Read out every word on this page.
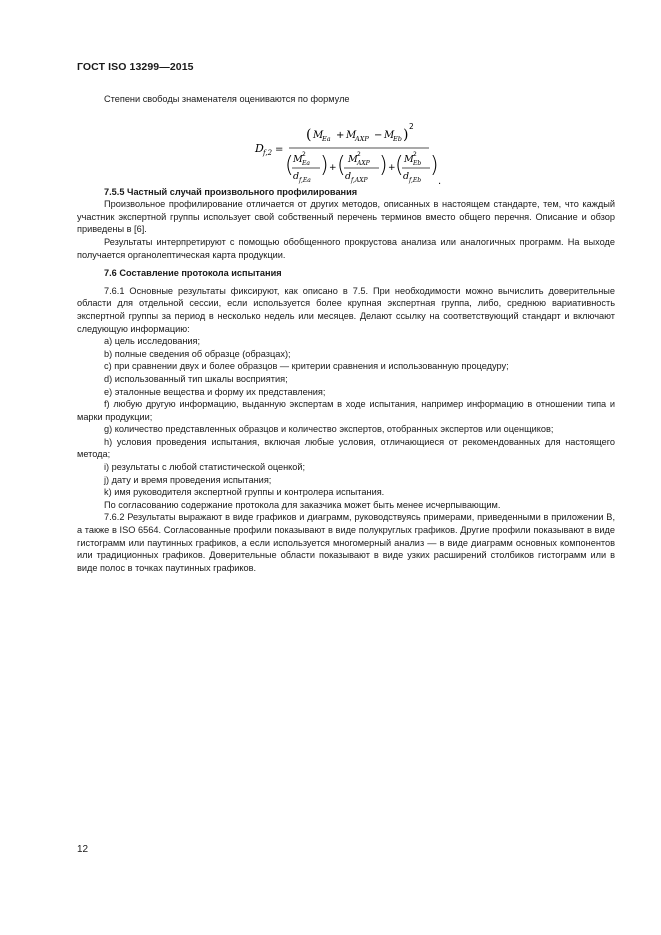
ГОСТ ISO 13299—2015

Степени свободы знаменателя оцениваются по формуле

D f,2 =
( M
Ea + M
AXP − M
Eb )
2
( M 2
Ea
d f,Ea
) + ( M 2
AXP
d f,AXP
) + ( M 2
Eb
d f,Eb
)
.

7.5.5 Частный случай произвольного профилирования

Произвольное профилирование отличается от других методов, описанных в настоящем стандарте, тем, что каждый участник экспертной группы использует свой собственный перечень терминов вместо общего перечня. Описание и обзор приведены в [6].

Результаты интерпретируют с помощью обобщенного прокрустова анализа или аналогичных программ. На выходе получается органолептическая карта продукции.

7.6 Составление протокола испытания

7.6.1 Основные результаты фиксируют, как описано в 7.5. При необходимости можно вычислить доверительные области для отдельной сессии, если используется более крупная экспертная группа, либо, среднюю вариативность экспертной группы за период в несколько недель или месяцев. Делают ссылку на соответствующий стандарт и включают следующую информацию:

a) цель исследования;

b) полные сведения об образце (образцах);

c) при сравнении двух и более образцов — критерии сравнения и использованную процедуру;

d) использованный тип шкалы восприятия;

e) эталонные вещества и форму их представления;

f) любую другую информацию, выданную экспертам в ходе испытания, например информацию в отношении типа и марки продукции;

g) количество представленных образцов и количество экспертов, отобранных экспертов или оценщиков;

h) условия проведения испытания, включая любые условия, отличающиеся от рекомендованных для настоящего метода;

i) результаты с любой статистической оценкой;

j) дату и время проведения испытания;

k) имя руководителя экспертной группы и контролера испытания.

По согласованию содержание протокола для заказчика может быть менее исчерпывающим.

7.6.2 Результаты выражают в виде графиков и диаграмм, руководствуясь примерами, приведенными в приложении B, а также в ISO 6564. Согласованные профили показывают в виде полукруглых графиков. Другие профили показывают в виде гистограмм или паутинных графиков, а если используется многомерный анализ — в виде диаграмм основных компонентов или традиционных графиков. Доверительные области показывают в виде узких расширений столбиков гистограмм или в виде полос в точках паутинных графиков.

12
